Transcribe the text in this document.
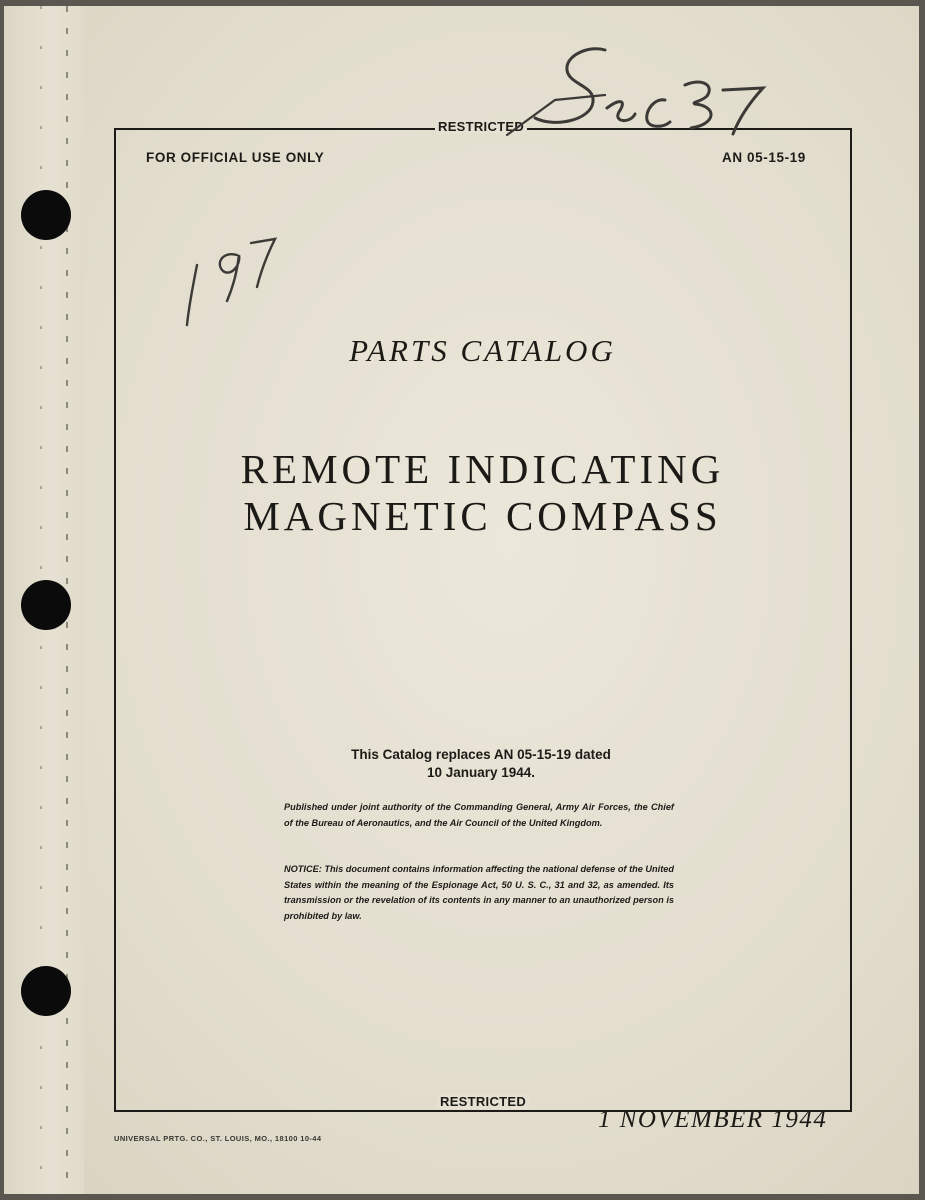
RESTRICTED
FOR OFFICIAL USE ONLY	AN 05-15-19
PARTS CATALOG
REMOTE INDICATING
MAGNETIC COMPASS
This Catalog replaces AN 05-15-19 dated
10 January 1944.
Published under joint authority of the Commanding General, Army Air Forces, the Chief of the Bureau of Aeronautics, and the Air Council of the United Kingdom.
NOTICE: This document contains information affecting the national defense of the United States within the meaning of the Espionage Act, 50 U. S. C., 31 and 32, as amended. Its transmission or the revelation of its contents in any manner to an unauthorized person is prohibited by law.
RESTRICTED
UNIVERSAL PRTG. CO., ST. LOUIS, MO., 18100 10-44
1 NOVEMBER 1944
